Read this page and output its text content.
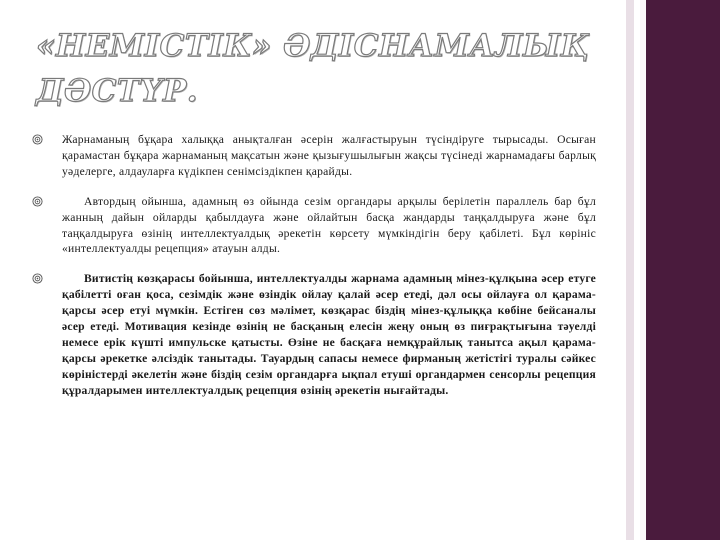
«НЕМІСТІК» ӘДІСНАМАЛЫҚ ДӘСТҮР.

Жарнаманың бұқара халыққа анықталған әсерін жалғастыруын түсіндіруге тырысады. Осыған қарамастан бұқара жарнаманың мақсатын және қызығушылығын жақсы түсінеді жарнамадағы барлық уәделерге, алдауларға күдікпен сенімсіздікпен қарайды.

Автордың ойынша, адамның өз ойында сезім органдары арқылы берілетін параллель бар бұл жанның дайын ойларды қабылдауға және ойлайтын басқа жандарды таңқалдыруға және бұл таңқалдыруға өзінің интеллектуалдық әрекетін көрсету мүмкіндігін беру қабілеті. Бұл көрініс «интеллектуалды рецепция» атауын алды.

Витистің көзқарасы бойынша, интеллектуалды жарнама адамның мінез-құлқына әсер етуге қабілетті оған қоса, сезімдік және өзіндік ойлау қалай әсер етеді, дәл осы ойлауға ол қарама-қарсы әсер етуі мүмкін. Естіген сөз мәлімет, көзқарас біздің мінез-құлыққа көбіне бейсаналы әсер етеді. Мотивация кезінде өзінің не басқаның елесін жеңу оның өз пиғрақтығына тәуелді немесе ерік күшті импульске қатысты. Өзіне не басқаға немқұрайлық танытса ақыл қарама-қарсы әрекетке әлсіздік танытады. Тауардың сапасы немесе фирманың жетістігі туралы сәйкес көріністерді әкелетін және біздің сезім органдарға ықпал етуші органдармен сенсорлы рецепция құралдарымен интеллектуалдық рецепция өзінің әрекетін нығайтады.
